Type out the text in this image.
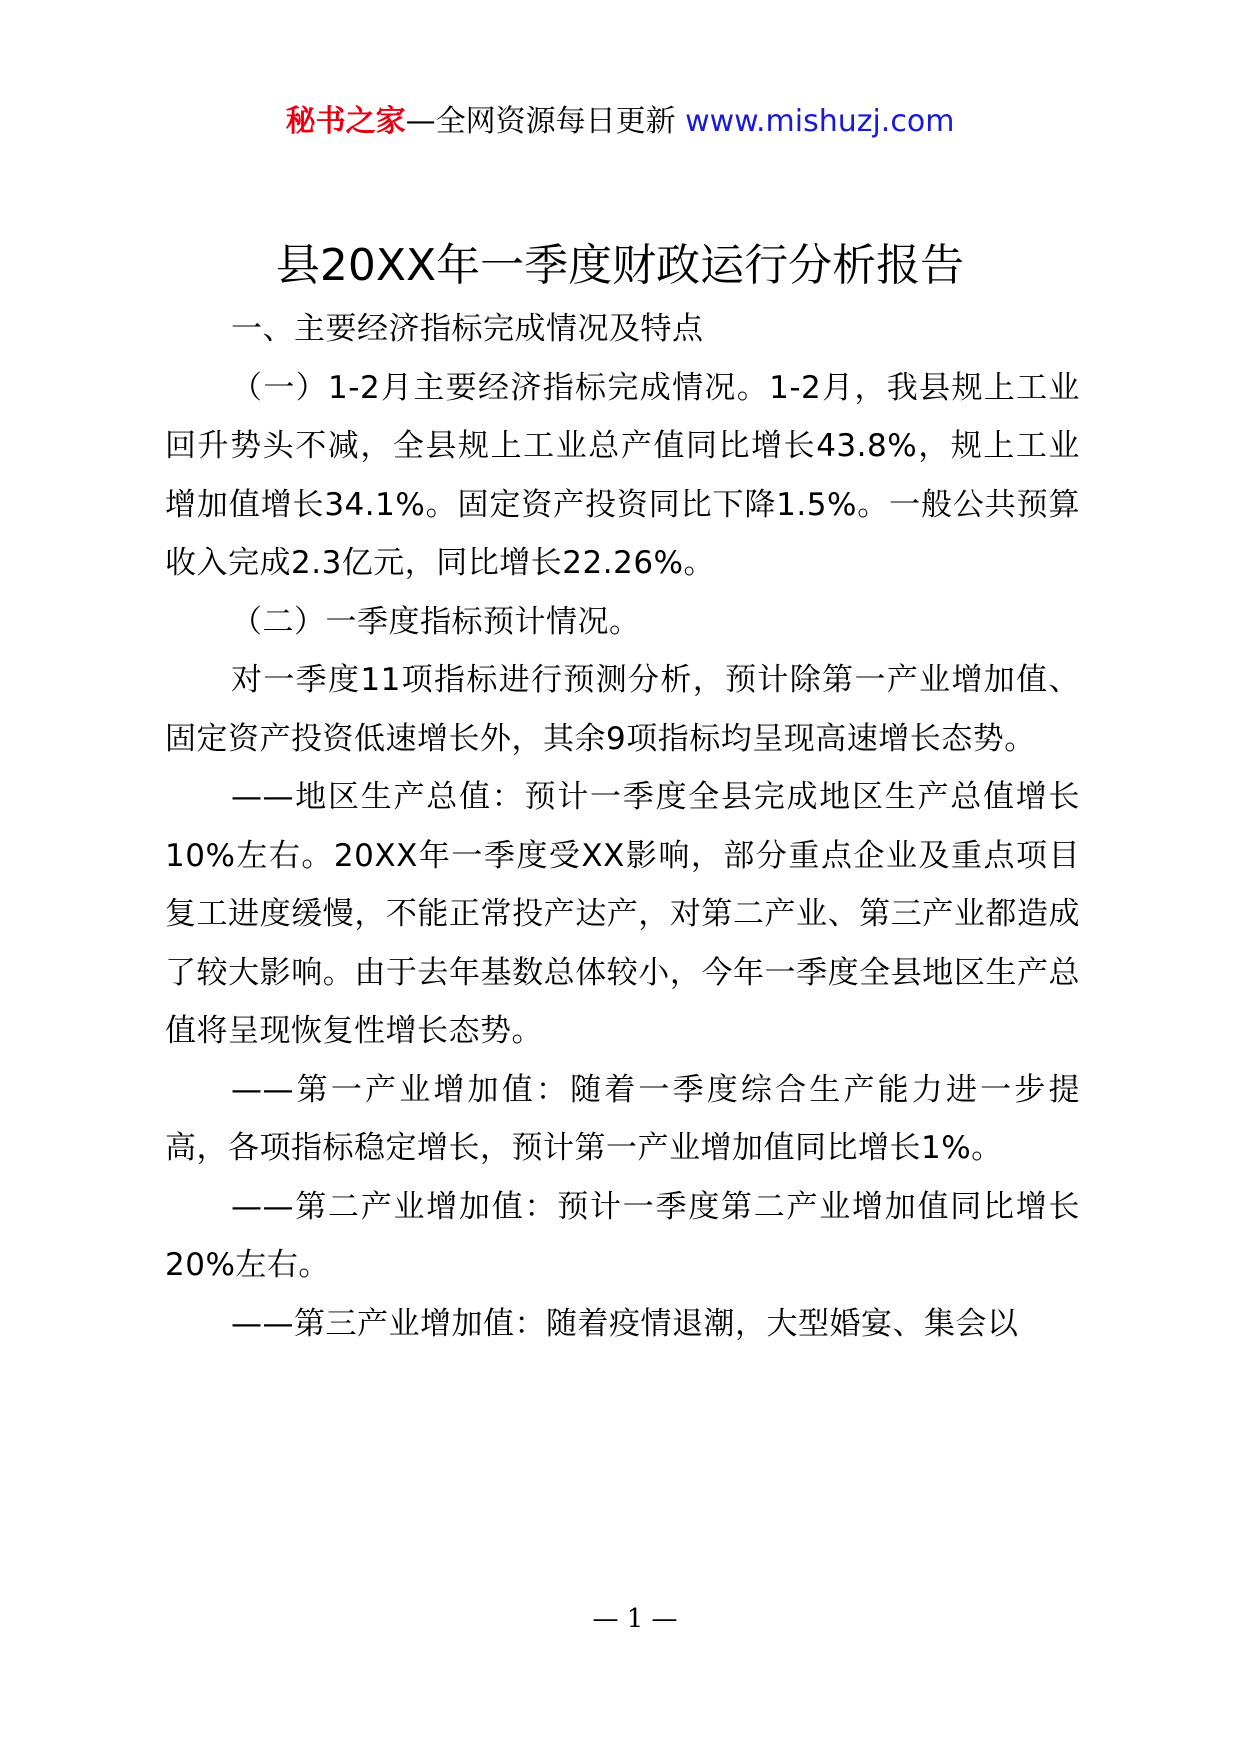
秘书之家—全网资源每日更新 www.mishuzj.com
县20XX年一季度财政运行分析报告

一、主要经济指标完成情况及特点

（一）1-2月主要经济指标完成情况。1-2月，我县规上工业回升势头不减，全县规上工业总产值同比增长43.8%，规上工业增加值增长34.1%。固定资产投资同比下降1.5%。一般公共预算收入完成2.3亿元，同比增长22.26%。

（二）一季度指标预计情况。

对一季度11项指标进行预测分析，预计除第一产业增加值、固定资产投资低速增长外，其余9项指标均呈现高速增长态势。

——地区生产总值：预计一季度全县完成地区生产总值增长10%左右。20XX年一季度受XX影响，部分重点企业及重点项目复工进度缓慢，不能正常投产达产，对第二产业、第三产业都造成了较大影响。由于去年基数总体较小，今年一季度全县地区生产总值将呈现恢复性增长态势。

——第一产业增加值：随着一季度综合生产能力进一步提高，各项指标稳定增长，预计第一产业增加值同比增长1%。

——第二产业增加值：预计一季度第二产业增加值同比增长20%左右。

——第三产业增加值：随着疫情退潮，大型婚宴、集会以

— 1 —
